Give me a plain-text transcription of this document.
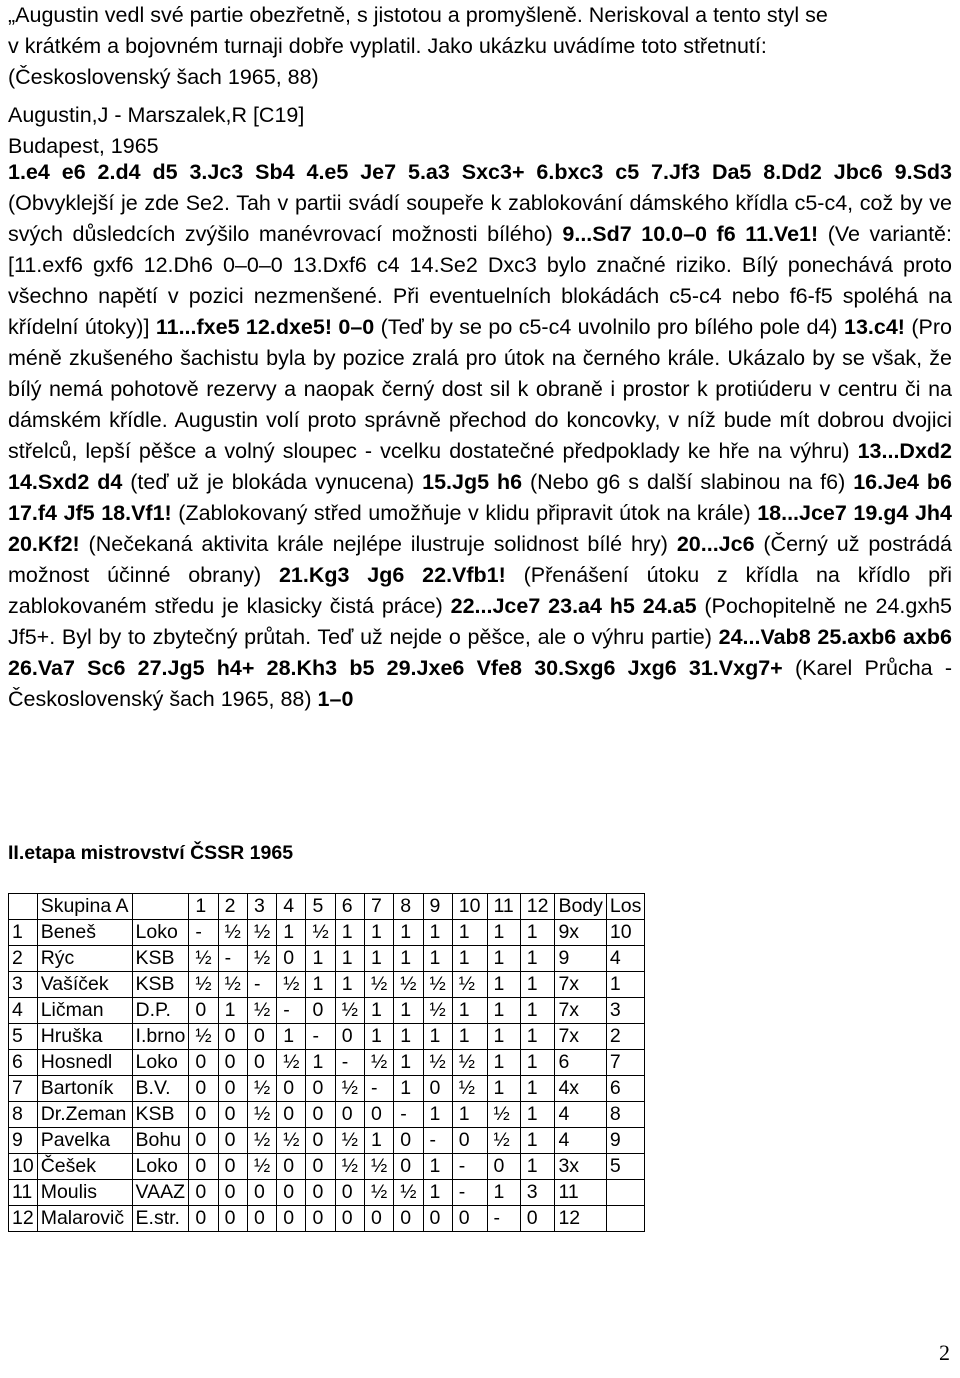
„Augustin vedl své partie obezřetně, s jistotou a promyšleně. Neriskoval a tento styl se

v krátkém a bojovném turnaji dobře vyplatil. Jako ukázku uvádíme toto střetnutí:

(Československý šach 1965, 88)

Augustin,J - Marszalek,R [C19]
Budapest, 1965

1.e4 e6 2.d4 d5 3.Jc3 Sb4 4.e5 Je7 5.a3 Sxc3+ 6.bxc3 c5 7.Jf3 Da5 8.Dd2 Jbc6 9.Sd3 (Obvyklejší je zde Se2. Tah v partii svádí soupeře k zablokování dámského křídla c5-c4, což by ve svých důsledcích zvýšilo manévrovací možnosti bílého) 9...Sd7 10.0–0 f6 11.Ve1! (Ve variantě: [11.exf6 gxf6 12.Dh6 0–0–0 13.Dxf6 c4 14.Se2 Dxc3 bylo značné riziko. Bílý ponechává proto všechno napětí v pozici nezmenšené. Při eventuelních blokádách c5-c4 nebo f6-f5 spoléhá na křídelní útoky)] 11...fxe5 12.dxe5! 0–0 (Teď by se po c5-c4 uvolnilo pro bílého pole d4) 13.c4! (Pro méně zkušeného šachistu byla by pozice zralá pro útok na černého krále. Ukázalo by se však, že bílý nemá pohotově rezervy a naopak černý dost sil k obraně i prostor k protiúderu v centru či na dámském křídle. Augustin volí proto správně přechod do koncovky, v níž bude mít dobrou dvojici střelců, lepší pěšce a volný sloupec - vcelku dostatečné předpoklady ke hře na výhru) 13...Dxd2 14.Sxd2 d4 (teď už je blokáda vynucena) 15.Jg5 h6 (Nebo g6 s další slabinou na f6) 16.Je4 b6 17.f4 Jf5 18.Vf1! (Zablokovaný střed umožňuje v klidu připravit útok na krále) 18...Jce7 19.g4 Jh4 20.Kf2! (Nečekaná aktivita krále nejlépe ilustruje solidnost bílé hry) 20...Jc6 (Černý už postrádá možnost účinné obrany) 21.Kg3 Jg6 22.Vfb1! (Přenášení útoku z křídla na křídlo při zablokovaném středu je klasicky čistá práce) 22...Jce7 23.a4 h5 24.a5 (Pochopitelně ne 24.gxh5 Jf5+. Byl by to zbytečný průtah. Teď už nejde o pěšce, ale o výhru partie) 24...Vab8 25.axb6 axb6 26.Va7 Sc6 27.Jg5 h4+ 28.Kh3 b5 29.Jxe6 Vfe8 30.Sxg6 Jxg6 31.Vxg7+ (Karel Průcha - Československý šach 1965, 88) 1–0

II.etapa mistrovství ČSSR 1965
	Skupina A		1	2	3	4	5	6	7	8	9	10	11	12	Body	Los
1	Beneš	Loko	-	½	½	1	½	1	1	1	1	1	1	1	9x	10
2	Rýc	KSB	½	-	½	0	1	1	1	1	1	1	1	1	9	4
3	Vašíček	KSB	½	½	-	½	1	1	½	½	½	½	1	1	7x	1
4	Ličman	D.P.	0	1	½	-	0	½	1	1	½	1	1	1	7x	3
5	Hruška	I.brno	½	0	0	1	-	0	1	1	1	1	1	1	7x	2
6	Hosnedl	Loko	0	0	0	½	1	-	½	1	½	½	1	1	6	7
7	Bartoník	B.V.	0	0	½	0	0	½	-	1	0	½	1	1	4x	6
8	Dr.Zeman	KSB	0	0	½	0	0	0	0	-	1	1	½	1	4	8
9	Pavelka	Bohu	0	0	½	½	0	½	1	0	-	0	½	1	4	9
10	Češek	Loko	0	0	½	0	0	½	½	0	1	-	0	1	3x	5
11	Moulis	VAAZ	0	0	0	0	0	0	½	½	1	-	1	3	11	
12	Malarovič	E.str.	0	0	0	0	0	0	0	0	0	0	-	0	12	
2
